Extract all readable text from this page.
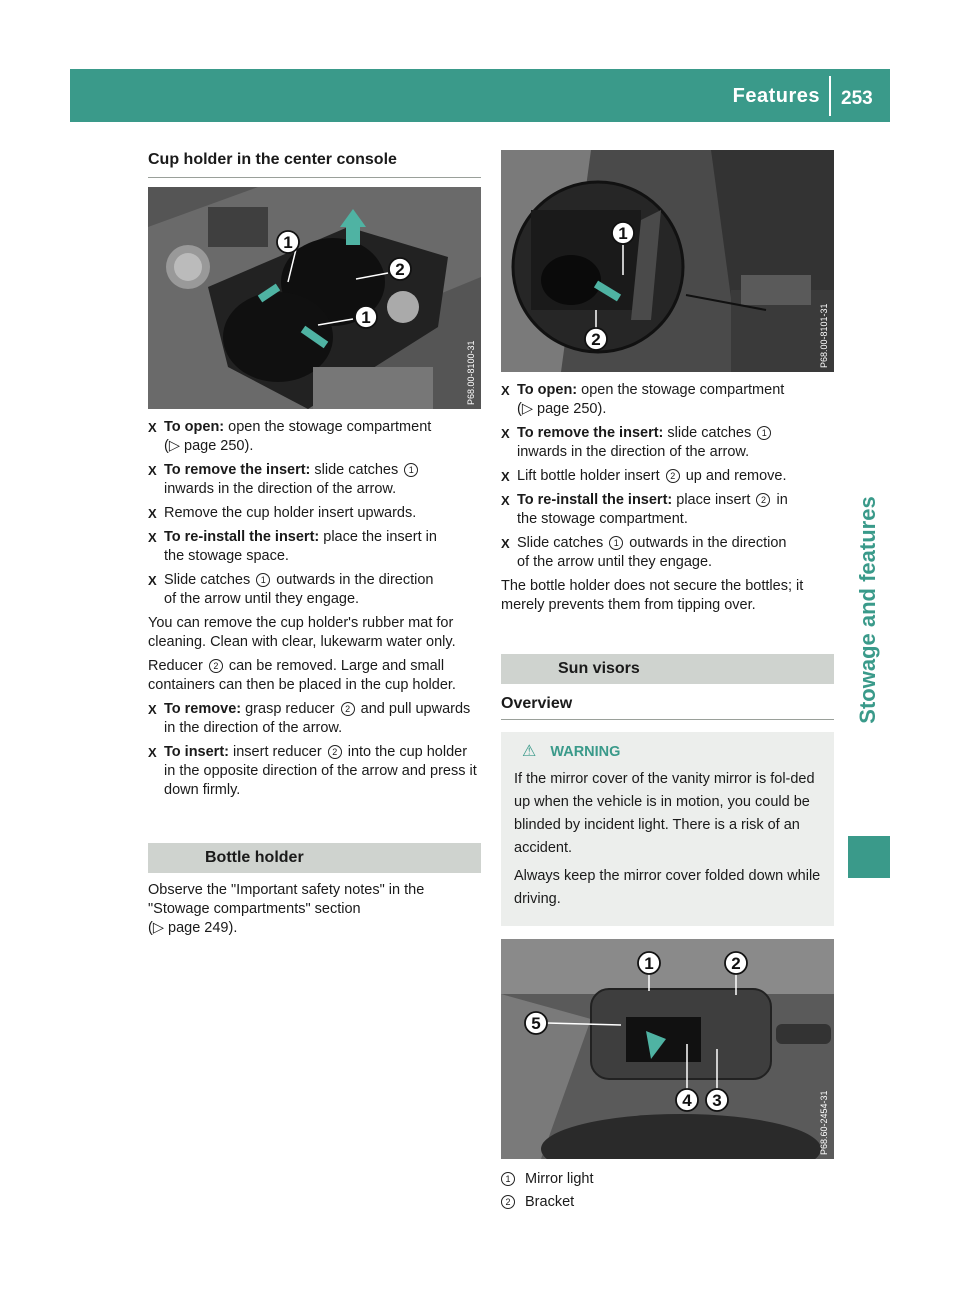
Features 253
Stowage and features
Cup holder in the center console
1
2
1
P68.00-8100-31
X To open: open the stowage compartment
(▷ page 250).
X To remove the insert: slide catches 1
inwards in the direction of the arrow.
X Remove the cup holder insert upwards.
X To re-install the insert: place the insert in
the stowage space.
X Slide catches 1 outwards in the direction
of the arrow until they engage.
You can remove the cup holder's rubber mat for cleaning. Clean with clear, lukewarm water only.
Reducer 2 can be removed. Large and small containers can then be placed in the cup holder.
X To remove: grasp reducer 2 and pull upwards in the direction of the arrow.
X To insert: insert reducer 2 into the cup holder in the opposite direction of the arrow and press it down firmly.
Bottle holder
Observe the "Important safety notes" in the "Stowage compartments" section
(▷ page 249).
1
2	P68.00-8101-31
X To open: open the stowage compartment
(▷ page 250).
X To remove the insert: slide catches 1
inwards in the direction of the arrow.
X Lift bottle holder insert 2 up and remove.
X To re-install the insert: place insert 2 in
the stowage compartment.
X Slide catches 1 outwards in the direction
of the arrow until they engage.
The bottle holder does not secure the bottles; it merely prevents them from tipping over.
Sun visors
Overview
⚠ WARNING
If the mirror cover of the vanity mirror is fol-ded up when the vehicle is in motion, you could be blinded by incident light. There is a risk of an accident.
Always keep the mirror cover folded down while driving.
1	2
5
4 3	P68.60-2454-31
1 Mirror light
2 Bracket
